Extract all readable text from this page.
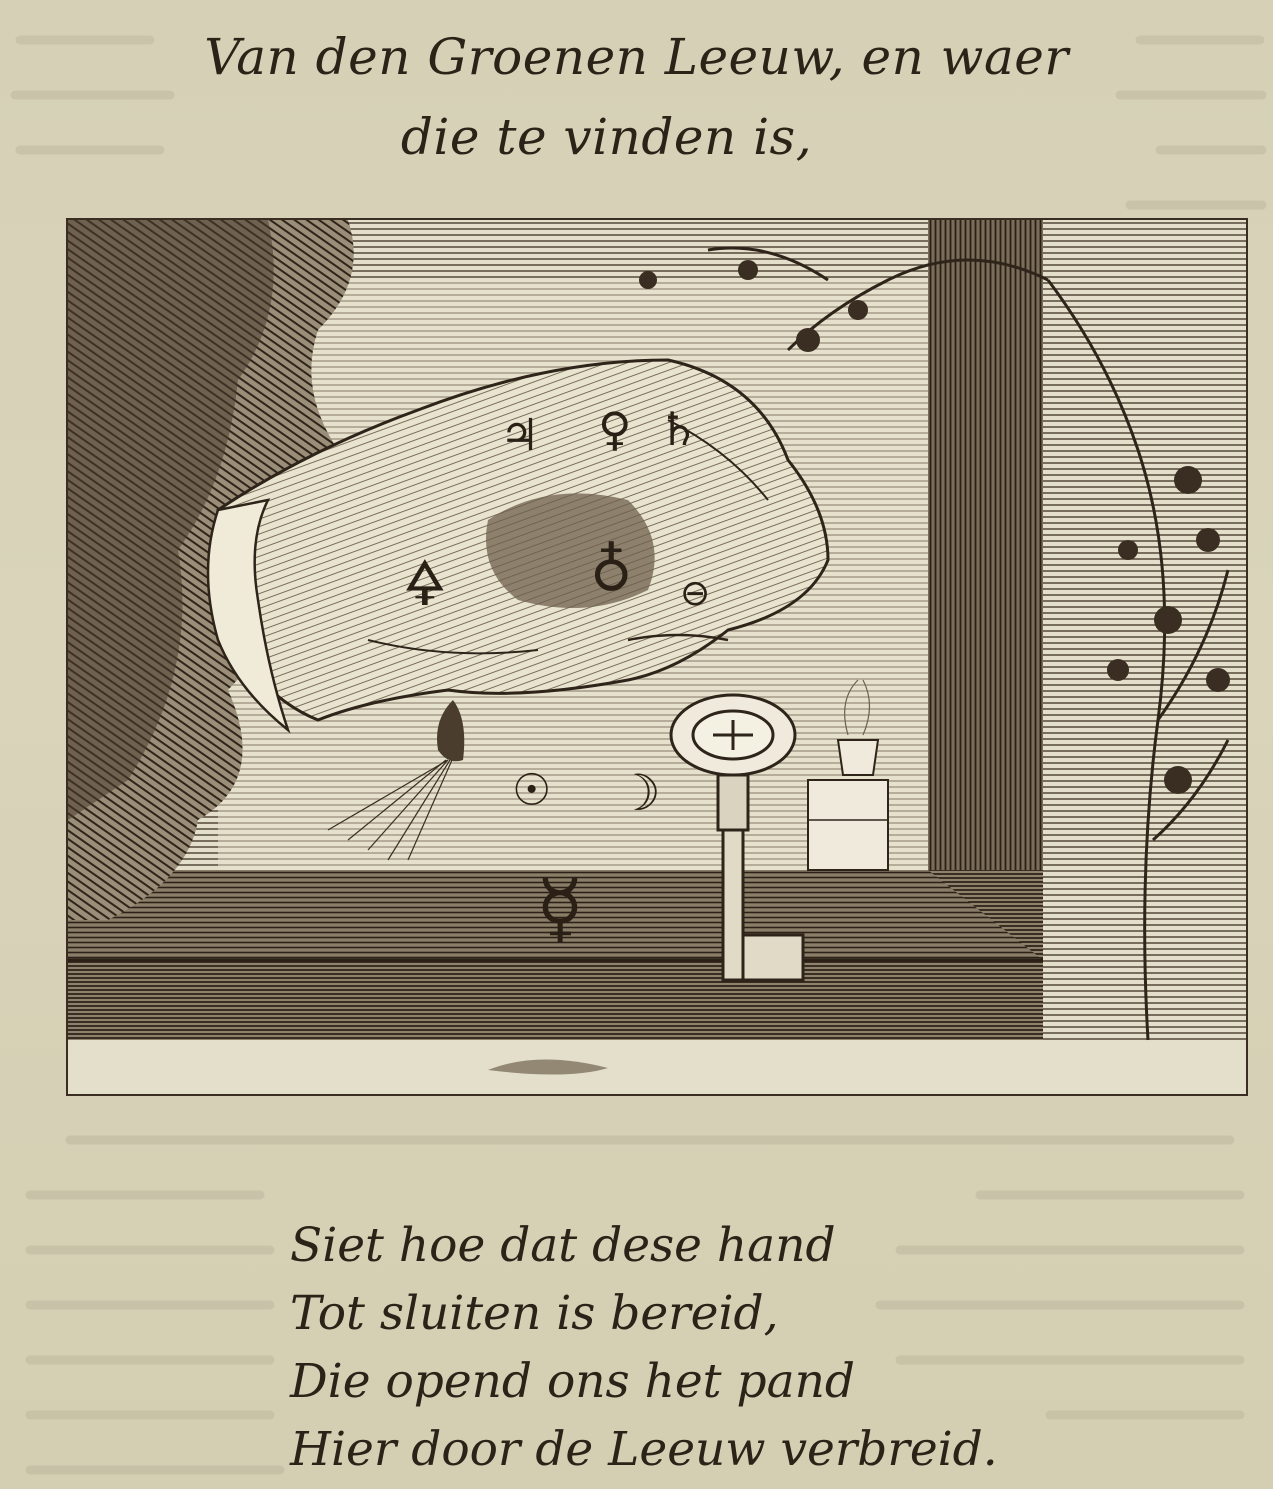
Van den Groenen Leeuw, en waer
die te vinden is,
♃ ♀ ♄
🜍 ♁ ⊖
☉ ☽
☿
Siet hoe dat dese hand
Tot sluiten is bereid,
Die opend ons het pand
Hier door de Leeuw verbreid.
